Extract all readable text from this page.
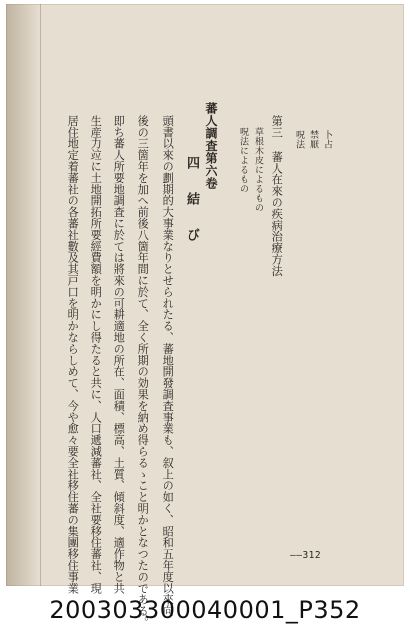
卜占
禁厭
呪法
第三 蕃人在來の疾病治療方法
草根木皮によるもの
呪法によるもの
蕃人調査第六卷
四　結　び
頭書以來の劃期的大事業なりとせられたる、蕃地開發調査事業も、叙上の如く、昭和五年度以來向
後の三箇年を加へ前後八箇年間に於て、全く所期の効果を納め得らるゝこと明かとなつたのである。
即ち蕃人所要地調査に於ては將來の可耕適地の所在、面積、標高、土質、傾斜度、適作物と共
生産力竝に土地開拓所要經費額を明かにし得たると共に、人口遞減蕃社、全社要移住蕃社、現
居住地定着蕃社の各蕃社數及其戸口を明かならしめて、今や愈々要全社移住蕃の集團移住事業	——312
200303300040001_P352
